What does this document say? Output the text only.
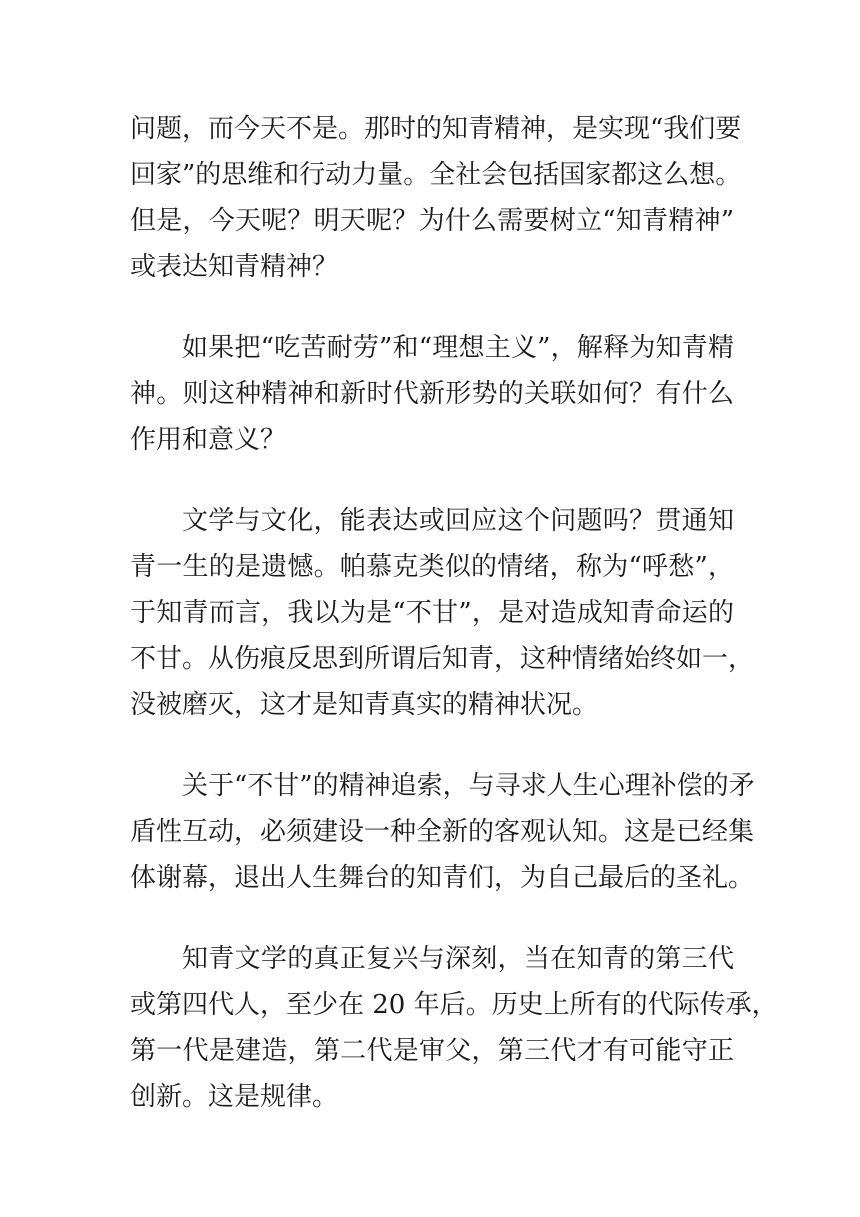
问题，而今天不是。那时的知青精神，是实现“我们要
回家”的思维和行动力量。全社会包括国家都这么想。
但是，今天呢？明天呢？为什么需要树立“知青精神”
或表达知青精神？
如果把“吃苦耐劳”和“理想主义”，解释为知青精
神。则这种精神和新时代新形势的关联如何？有什么
作用和意义？
文学与文化，能表达或回应这个问题吗？贯通知
青一生的是遗憾。帕慕克类似的情绪，称为“呼愁”，
于知青而言，我以为是“不甘”，是对造成知青命运的
不甘。从伤痕反思到所谓后知青，这种情绪始终如一，
没被磨灭，这才是知青真实的精神状况。
关于“不甘”的精神追索，与寻求人生心理补偿的矛
盾性互动，必须建设一种全新的客观认知。这是已经集
体谢幕，退出人生舞台的知青们，为自己最后的圣礼。
知青文学的真正复兴与深刻，当在知青的第三代
或第四代人，至少在 20 年后。历史上所有的代际传承，
第一代是建造，第二代是审父，第三代才有可能守正
创新。这是规律。
